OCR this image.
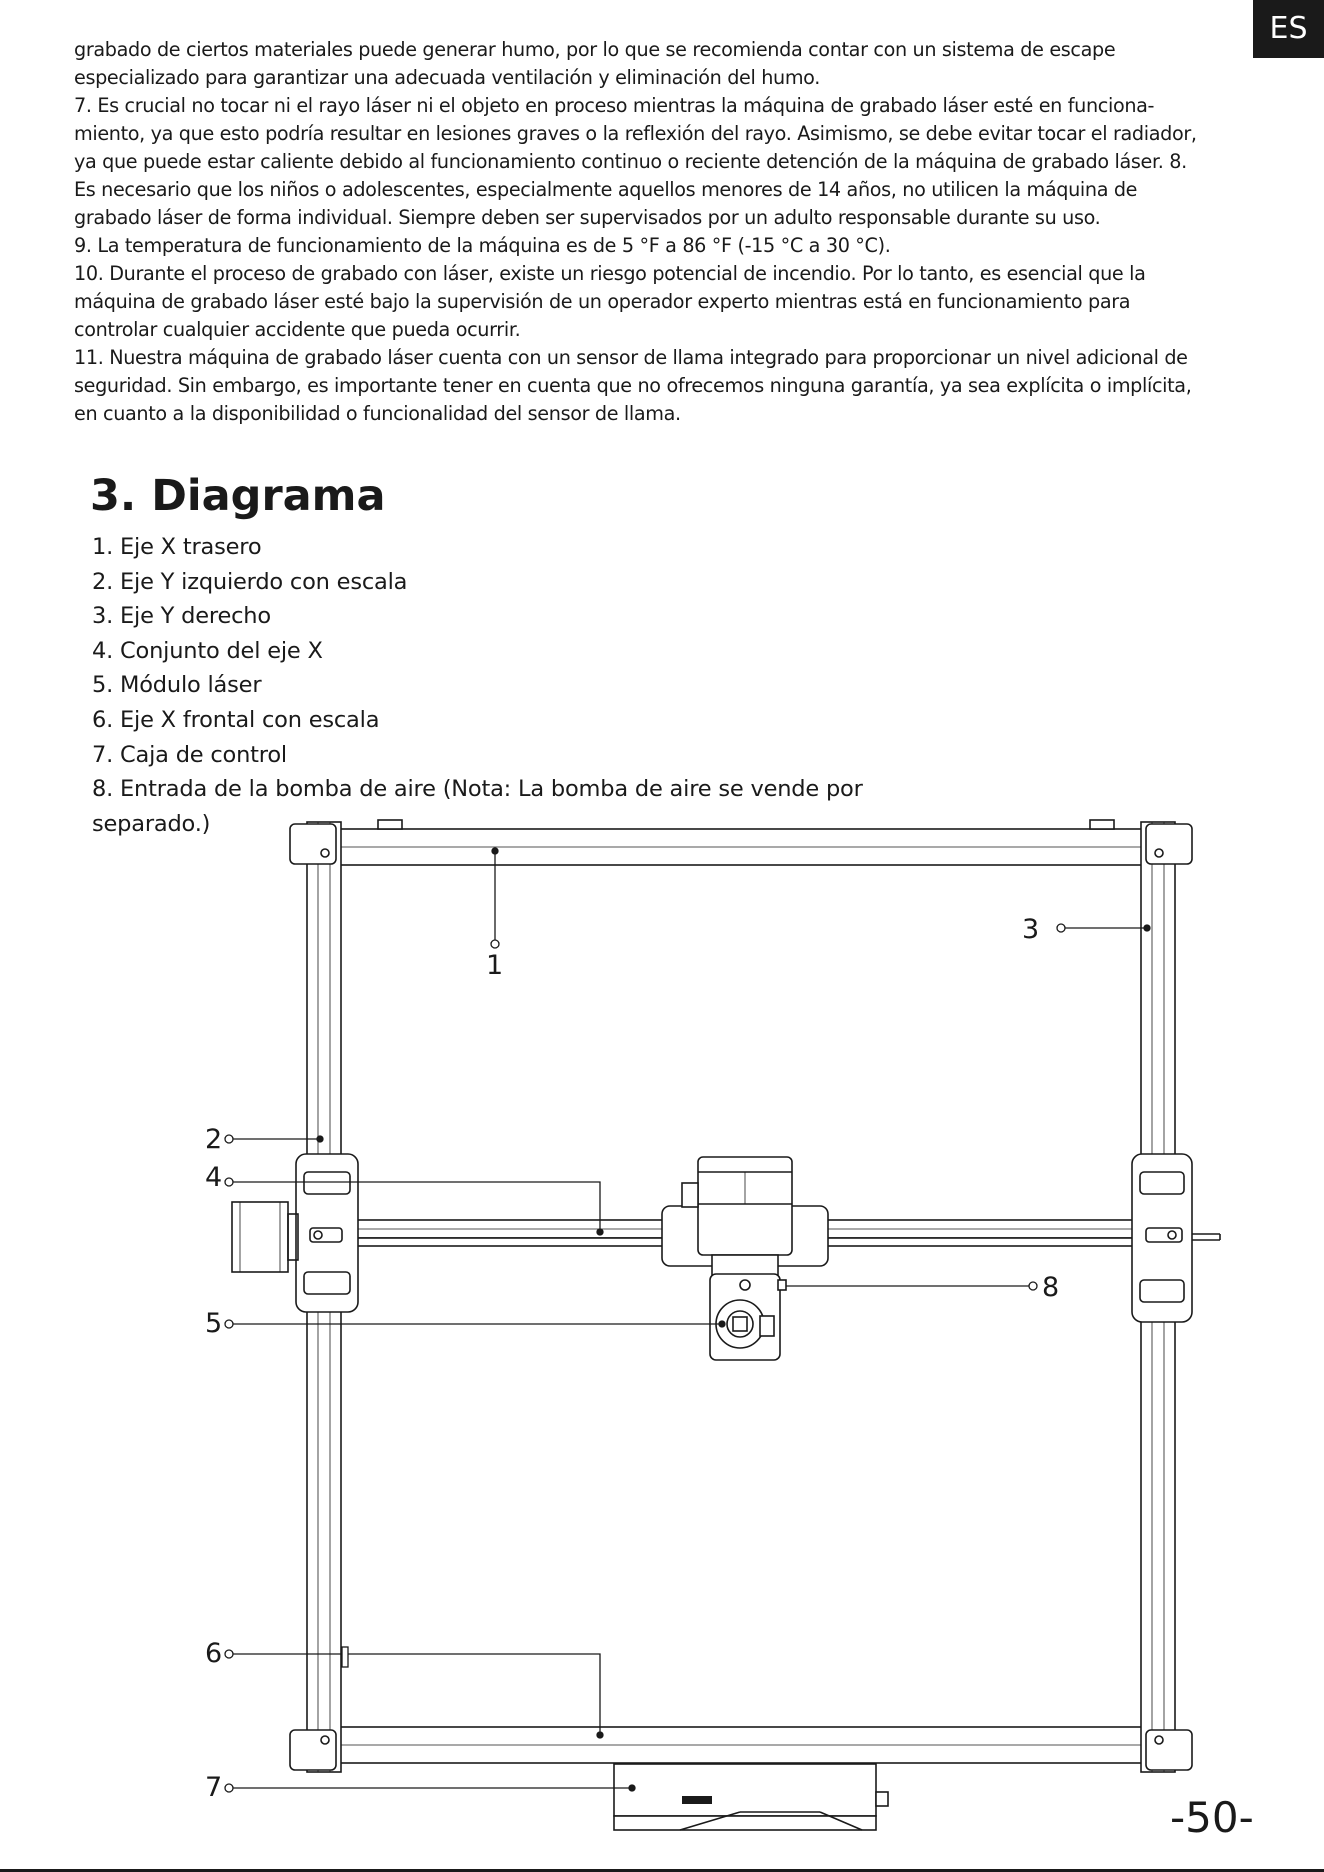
ES

grabado de ciertos materiales puede generar humo, por lo que se recomienda contar con un sistema de escape

especializado para garantizar una adecuada ventilación y eliminación del humo.

7. Es crucial no tocar ni el rayo láser ni el objeto en proceso mientras la máquina de grabado láser esté en funciona-

miento, ya que esto podría resultar en lesiones graves o la reflexión del rayo. Asimismo, se debe evitar tocar el radiador,

ya que puede estar caliente debido al funcionamiento continuo o reciente detención de la máquina de grabado láser. 8.

Es necesario que los niños o adolescentes, especialmente aquellos menores de 14 años, no utilicen la máquina de

grabado láser de forma individual. Siempre deben ser supervisados por un adulto responsable durante su uso.

9. La temperatura de funcionamiento de la máquina es de 5 °F a 86 °F (-15 °C a 30 °C).

10. Durante el proceso de grabado con láser, existe un riesgo potencial de incendio. Por lo tanto, es esencial que la

máquina de grabado láser esté bajo la supervisión de un operador experto mientras está en funcionamiento para

controlar cualquier accidente que pueda ocurrir.

11. Nuestra máquina de grabado láser cuenta con un sensor de llama integrado para proporcionar un nivel adicional de

seguridad. Sin embargo, es importante tener en cuenta que no ofrecemos ninguna garantía, ya sea explícita o implícita,

en cuanto a la disponibilidad o funcionalidad del sensor de llama.

3. Diagrama
1. Eje X trasero
2. Eje Y izquierdo con escala
3. Eje Y derecho
4. Conjunto del eje X
5. Módulo láser
6. Eje X frontal con escala
7. Caja de control
8. Entrada de la bomba de aire (Nota: La bomba de aire se vende por
separado.)
1
2
3
4
5
6
7
8
-50-
